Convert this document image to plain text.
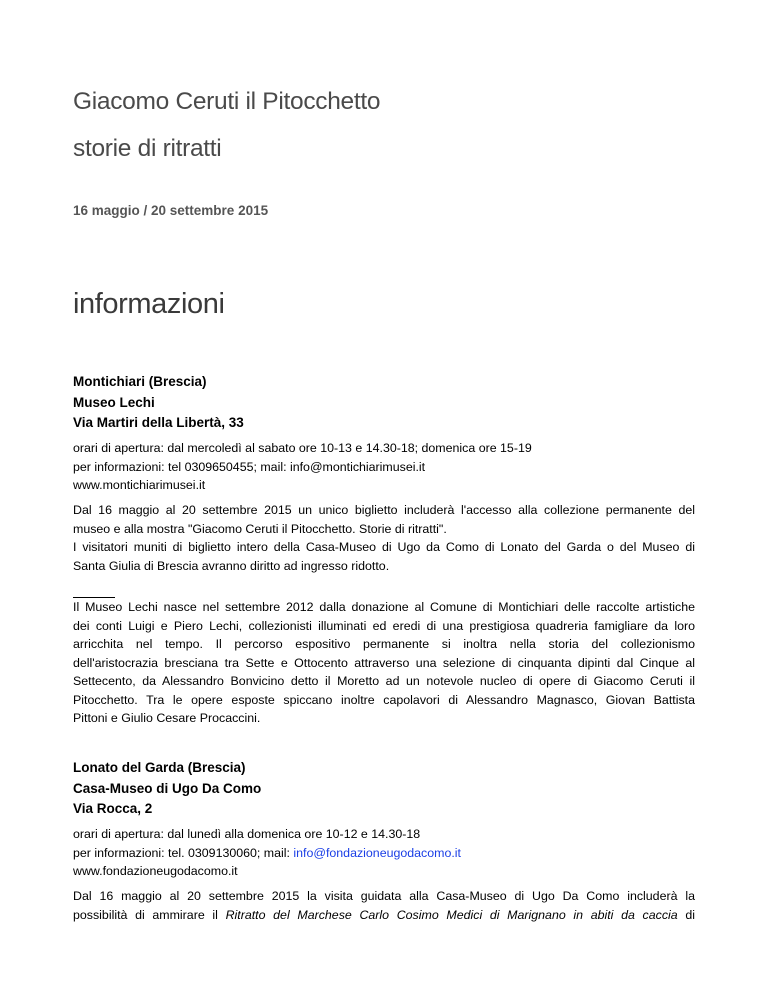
Giacomo Ceruti il Pitocchetto
storie di ritratti

16 maggio / 20 settembre 2015

informazioni
Montichiari (Brescia)
Museo Lechi
Via Martiri della Libertà, 33
orari di apertura: dal mercoledì al sabato ore 10-13 e 14.30-18; domenica ore 15-19
per informazioni: tel 0309650455; mail: info@montichiarimusei.it
www.montichiarimusei.it
Dal 16 maggio al 20 settembre 2015 un unico biglietto includerà l'accesso alla collezione permanente del
museo e alla mostra "Giacomo Ceruti il Pitocchetto. Storie di ritratti".
I visitatori muniti di biglietto intero della Casa-Museo di Ugo da Como di Lonato del Garda o del Museo di
Santa Giulia di Brescia avranno diritto ad ingresso ridotto.
Il Museo Lechi nasce nel settembre 2012 dalla donazione al Comune di Montichiari delle raccolte artistiche
dei conti Luigi e Piero Lechi, collezionisti illuminati ed eredi di una prestigiosa quadreria famigliare da loro
arricchita nel tempo. Il percorso espositivo permanente si inoltra nella storia del collezionismo
dell'aristocrazia bresciana tra Sette e Ottocento attraverso una selezione di cinquanta dipinti dal Cinque al
Settecento, da Alessandro Bonvicino detto il Moretto ad un notevole nucleo di opere di Giacomo Ceruti il
Pitocchetto. Tra le opere esposte spiccano inoltre capolavori di Alessandro Magnasco, Giovan Battista
Pittoni e Giulio Cesare Procaccini.
Lonato del Garda (Brescia)
Casa-Museo di Ugo Da Como
Via Rocca, 2
orari di apertura: dal lunedì alla domenica ore 10-12 e 14.30-18
per informazioni: tel. 0309130060; mail: info@fondazioneugodacomo.it
www.fondazioneugodacomo.it
Dal 16 maggio al 20 settembre 2015 la visita guidata alla Casa-Museo di Ugo Da Como includerà la
possibilità di ammirare il Ritratto del Marchese Carlo Cosimo Medici di Marignano in abiti da caccia di
